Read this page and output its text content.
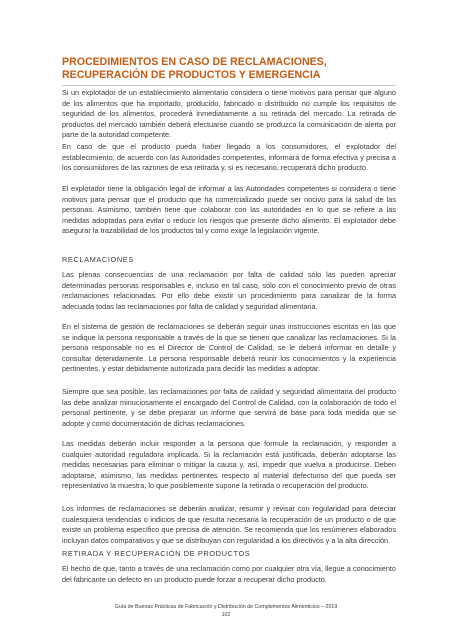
PROCEDIMIENTOS EN CASO DE RECLAMACIONES, RECUPERACIÓN DE PRODUCTOS Y EMERGENCIA

Si un explotador de un establecimiento alimentario considera o tiene motivos para pensar que alguno de los alimentos que ha importado, producido, fabricado o distribuido no cumple los requisitos de seguridad de los alimentos, procederá inmediatamente a su retirada del mercado. La retirada de productos del mercado también deberá efectuarse cuando se produzca la comunicación de alerta por parte de la autoridad competente.

En caso de que el producto pueda haber llegado a los consumidores, el explotador del establecimiento, de acuerdo con las Autoridades competentes, informará de forma efectiva y precisa a los consumidores de las razones de esa retirada y, si es necesario, recuperará dicho producto.

El explotador tiene la obligación legal de informar a las Autoridades competentes si considera o tiene motivos para pensar que el producto que ha comercializado puede ser nocivo para la salud de las personas. Asimismo, también tiene que colaborar con las autoridades en lo que se refiere a las medidas adoptadas para evitar o reducir los riesgos que presente dicho alimento. El explotador debe asegurar la trazabilidad de los productos tal y como exige la legislación vigente.

RECLAMACIONES

Las plenas consecuencias de una reclamación por falta de calidad sólo las pueden apreciar determinadas personas responsables e, incluso en tal caso, sólo con el conocimiento previo de otras reclamaciones relacionadas. Por ello debe existir un procedimiento para canalizar de la forma adecuada todas las reclamaciones por falta de calidad y seguridad alimentaria.

En el sistema de gestión de reclamaciones se deberán seguir unas instrucciones escritas en las que se indique la persona responsable a través de la que se tienen que canalizar las reclamaciones. Si la persona responsable no es el Director de Control de Calidad, se le deberá informar en detalle y consultar detenidamente. La persona responsable deberá reunir los conocimientos y la experiencia pertinentes, y estar debidamente autorizada para decidir las medidas a adoptar.

Siempre que sea posible, las reclamaciones por falta de calidad y seguridad alimentaria del producto las debe analizar minuciosamente el encargado del Control de Calidad, con la colaboración de todo el personal pertinente, y se debe preparar un informe que servirá de base para toda medida que se adopte y como documentación de dichas reclamaciones.

Las medidas deberán incluir responder a la persona que formule la reclamación, y responder a cualquier autoridad reguladora implicada. Si la reclamación está justificada, deberán adoptarse las medidas necesarias para eliminar o mitigar la causa y, así, impedir que vuelva a producirse. Deben adoptarse, asimismo, las medidas pertinentes respecto al material defectuoso del que pueda ser representativo la muestra, lo que posiblemente supone la retirada o recuperación del producto.

Los informes de reclamaciones se deberán analizar, resumir y revisar con regularidad para detectar cualesquiera tendencias o indicios de que resulta necesaria la recuperación de un producto o de que existe un problema específico que precisa de atención. Se recomienda que los resúmenes elaborados incluyan datos comparativos y que se distribuyan con regularidad a los directivos y a la alta dirección.

RETIRADA Y RECUPERACIÓN DE PRODUCTOS

El hecho de que, tanto a través de una reclamación como por cualquier otra vía, llegue a conocimiento del fabricante un defecto en un producto puede forzar a recuperar dicho producto.

Guía de Buenas Prácticas de Fabricación y Distribución de Complementos Alimenticios – 2019
102
